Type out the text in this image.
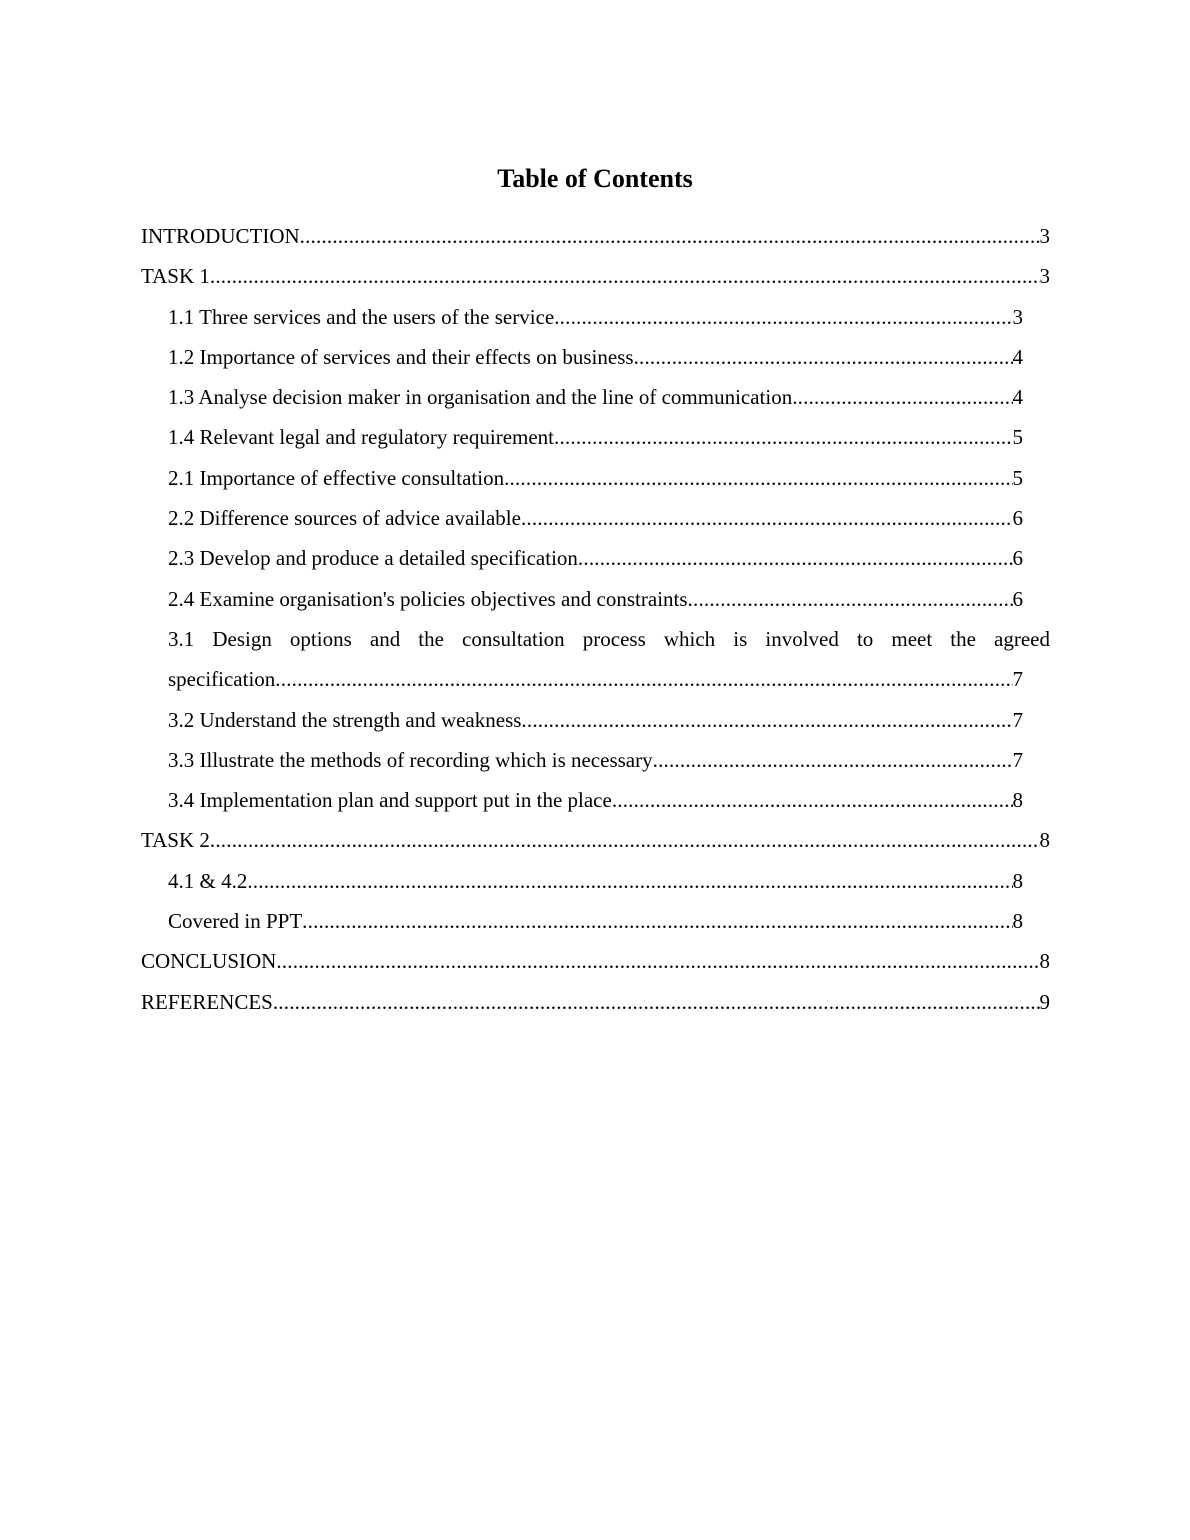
Table of Contents
INTRODUCTION .....	3
TASK 1 .....	3
1.1 Three services and the users of the service .....	3
1.2 Importance of services and their effects on business .....	4
1.3 Analyse decision maker in organisation and the line of communication .....	4
1.4 Relevant legal and regulatory requirement .....	5
2.1 Importance of effective consultation .....	5
2.2 Difference sources of advice available .....	6
2.3 Develop and produce a detailed specification .....	6
2.4 Examine organisation's policies objectives and constraints .....	6
3.1 Design options and the consultation process which is involved to meet the agreed
specification .....	7
3.2 Understand the strength and weakness .....	7
3.3 Illustrate the methods of recording which is necessary .....	7
3.4 Implementation plan and support put in the place .....	8
TASK 2 .....	8
4.1 & 4.2 .....	8
Covered in PPT .....	8
CONCLUSION .....	8
REFERENCES .....	9
